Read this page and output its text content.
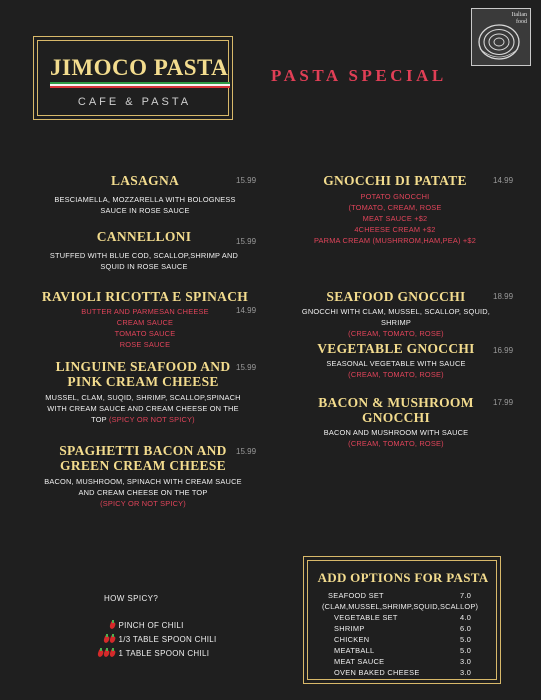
JIMOCO PASTA
CAFE & PASTA
PASTA SPECIAL
Italian
food
LASAGNA
BESCIAMELLA, MOZZARELLA WITH BOLOGNESS
SAUCE IN ROSE SAUCE
15.99
CANNELLONI
STUFFED WITH BLUE COD, SCALLOP,SHRIMP AND
SQUID IN ROSE SAUCE
15.99
RAVIOLI RICOTTA E SPINACH
BUTTER AND PARMESAN CHEESE
CREAM SAUCE
TOMATO SAUCE
ROSE SAUCE
14.99
LINGUINE SEAFOOD AND
PINK CREAM CHEESE
MUSSEL, CLAM, SUQID, SHRIMP, SCALLOP,SPINACH
WITH CREAM SAUCE AND CREAM CHEESE ON THE
TOP (SPICY OR NOT SPICY)
15.99
SPAGHETTI BACON AND
GREEN CREAM CHEESE
BACON, MUSHROOM, SPINACH WITH CREAM SAUCE
AND CREAM CHEESE ON THE TOP
(SPICY OR NOT SPICY)
15.99
GNOCCHI DI PATATE
POTATO GNOCCHI
(TOMATO, CREAM, ROSE
MEAT SAUCE +$2
4CHEESE CREAM +$2
PARMA CREAM (MUSHRROM,HAM,PEA) +$2
14.99
SEAFOOD GNOCCHI
GNOCCHI WITH CLAM, MUSSEL, SCALLOP, SQUID,
SHRIMP
(CREAM, TOMATO, ROSE)
18.99
VEGETABLE GNOCCHI
SEASONAL VEGETABLE WITH SAUCE
(CREAM, TOMATO, ROSE)
16.99
BACON & MUSHROOM
GNOCCHI
BACON AND MUSHROOM WITH SAUCE
(CREAM, TOMATO, ROSE)
17.99
HOW SPICY?
PINCH OF CHILI
1/3 TABLE SPOON CHILI
1 TABLE SPOON CHILI
ADD OPTIONS FOR PASTA
SEAFOOD SET	7.0
(CLAM,MUSSEL,SHRIMP,SQUID,SCALLOP)
VEGETABLE SET	4.0
SHRIMP	6.0
CHICKEN	5.0
MEATBALL	5.0
MEAT SAUCE	3.0
OVEN BAKED CHEESE	3.0
